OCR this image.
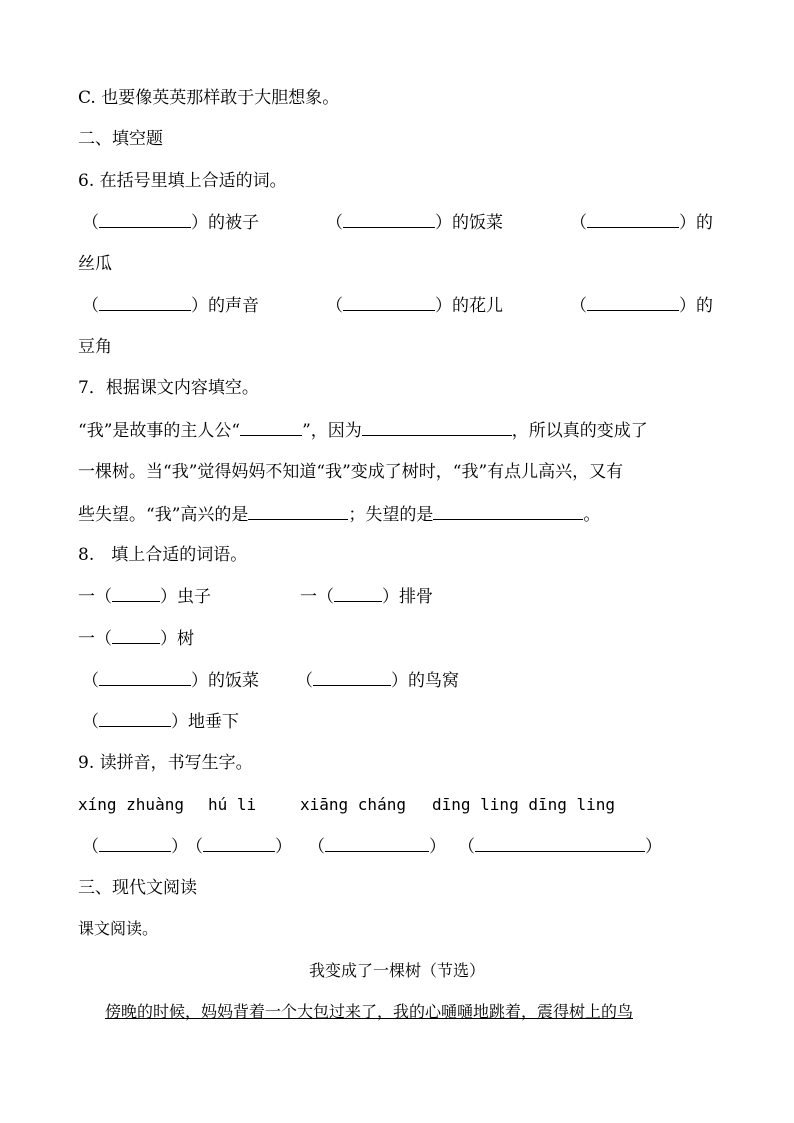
C. 也要像英英那样敢于大胆想象。
二、填空题
6. 在括号里填上合适的词。
（	）的被子	（	）的饭菜	（	）的
丝瓜
（	）的声音	（	）的花儿	（	）的
豆角
7．根据课文内容填空。
“我”是故事的主人公“	”，因为	，所以真的变成了
一棵树。当“我”觉得妈妈不知道“我”变成了树时，“我”有点儿高兴，又有
些失望。“我”高兴的是	；失望的是	。
8.　填上合适的词语。
一（	）虫子	一（	）排骨
一（	）树
（	）的饭菜 （	）的鸟窝
（	）地垂下
9. 读拼音，书写生字。
xíng zhuàng hú li	xiāng cháng dīng ling dīng ling
（	）
（	） （	） （	）
三、现代文阅读
课文阅读。
我变成了一棵树（节选）
傍晚的时候，妈妈背着一个大包过来了，我的心嗵嗵地跳着，震得树上的鸟
